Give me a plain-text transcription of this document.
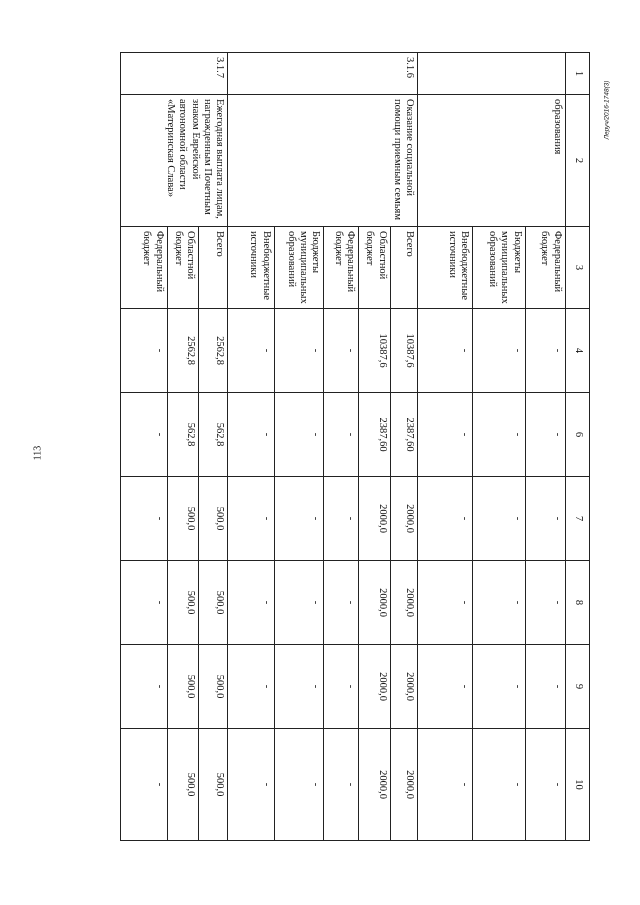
113
Леруч/2016-1748(3)
1	2	3	4	6	7	8	9	10
	образования	Федеральный бюджет	-	-	-	-	-	-
		Бюджеты муниципальных образований	-	-	-	-	-	-
		Внебюджетные источники	-	-	-	-	-	-
3.1.6	Оказание социальной помощи приемным семьям	Всего	10387,6	2387,60	2000,0	2000,0	2000,0	2000,0
		Областной бюджет	10387,6	2387,60	2000,0	2000,0	2000,0	2000,0
		Федеральный бюджет	-	-	-	-	-	-
		Бюджеты муниципальных образований	-	-	-	-	-	-
		Внебюджетные источники	-	-	-	-	-	-
3.1.7	Ежегодная выплата лицам, награжденным Почетным знаком Еврейской автономной области «Материнская Слава»	Всего	2562,8	562,8	500,0	500,0	500,0	500,0
		Областной бюджет	2562,8	562,8	500,0	500,0	500,0	500,0
		Федеральный бюджет	-	-	-	-	-	-
